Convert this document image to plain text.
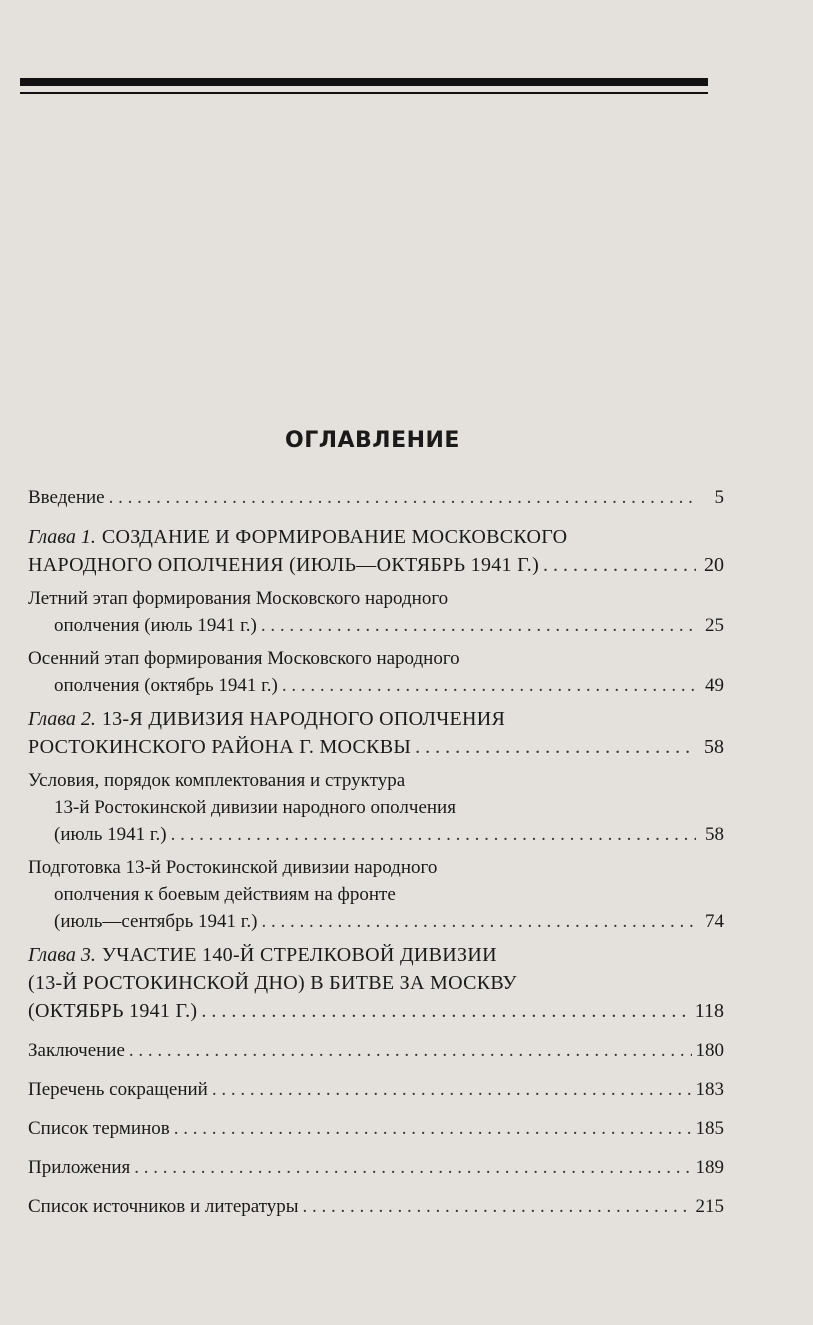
ОГЛАВЛЕНИЕ
Введение . . .	5
Глава 1. СОЗДАНИЕ И ФОРМИРОВАНИЕ МОСКОВСКОГО
НАРОДНОГО ОПОЛЧЕНИЯ (ИЮЛЬ—ОКТЯБРЬ 1941 Г.) . . .	20
Летний этап формирования Московского народного
ополчения (июль 1941 г.) . . .	25
Осенний этап формирования Московского народного
ополчения (октябрь 1941 г.) . . .	49
Глава 2. 13-Я ДИВИЗИЯ НАРОДНОГО ОПОЛЧЕНИЯ
РОСТОКИНСКОГО РАЙОНА Г. МОСКВЫ . . .	58
Условия, порядок комплектования и структура
13-й Ростокинской дивизии народного ополчения
(июль 1941 г.) . . .	58
Подготовка 13-й Ростокинской дивизии народного
ополчения к боевым действиям на фронте
(июль—сентябрь 1941 г.) . . .	74
Глава 3. УЧАСТИЕ 140-Й СТРЕЛКОВОЙ ДИВИЗИИ
(13-Й РОСТОКИНСКОЙ ДНО) В БИТВЕ ЗА МОСКВУ
(ОКТЯБРЬ 1941 Г.) . . .	118
Заключение . . .	180
Перечень сокращений . . .	183
Список терминов . . .	185
Приложения . . .	189
Список источников и литературы . . .	215
